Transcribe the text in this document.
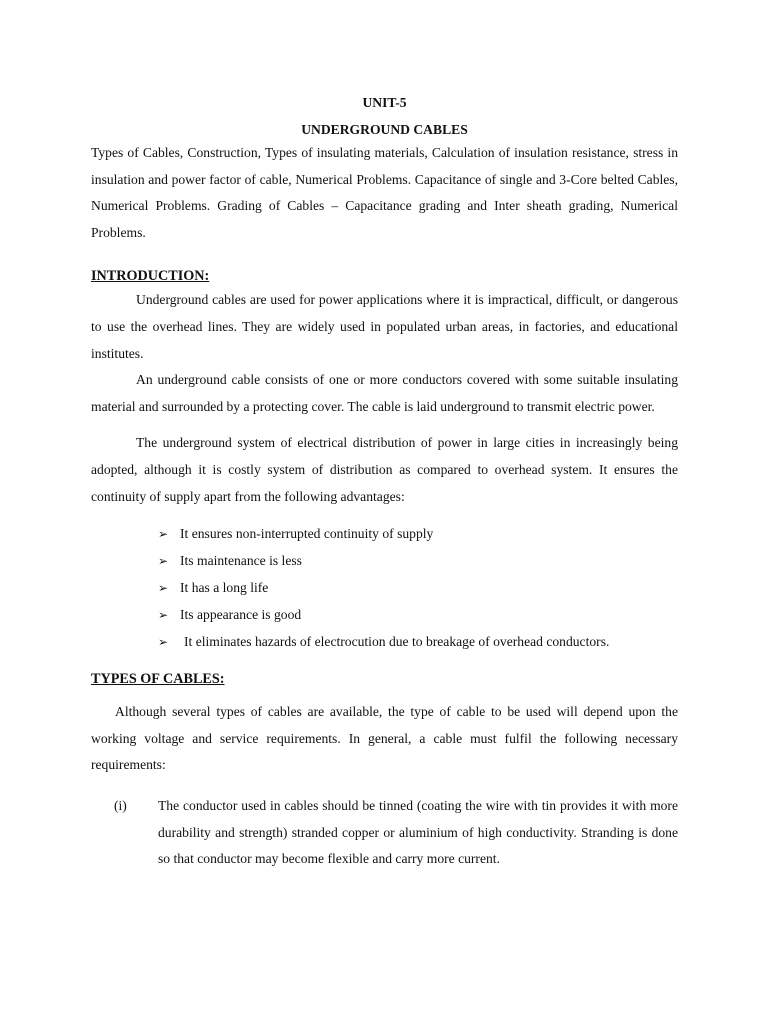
UNIT-5
UNDERGROUND CABLES

Types of Cables, Construction, Types of insulating materials, Calculation of insulation resistance, stress in insulation and power factor of cable, Numerical Problems. Capacitance of single and 3-Core belted Cables, Numerical Problems. Grading of Cables – Capacitance grading and Inter sheath grading, Numerical Problems.

INTRODUCTION:

Underground cables are used for power applications where it is impractical, difficult, or dangerous to use the overhead lines. They are widely used in populated urban areas, in factories, and educational institutes.

An underground cable consists of one or more conductors covered with some suitable insulating material and surrounded by a protecting cover. The cable is laid underground to transmit electric power.

The underground system of electrical distribution of power in large cities in increasingly being adopted, although it is costly system of distribution as compared to overhead system. It ensures the continuity of supply apart from the following advantages:

➢ It ensures non-interrupted continuity of supply
➢ Its maintenance is less
➢ It has a long life
➢ Its appearance is good
➢ It eliminates hazards of electrocution due to breakage of overhead conductors.
TYPES OF CABLES:

Although several types of cables are available, the type of cable to be used will depend upon the working voltage and service requirements. In general, a cable must fulfil the following necessary requirements:

(i)	The conductor used in cables should be tinned (coating the wire with tin provides it with more durability and strength) stranded copper or aluminium of high conductivity. Stranding is done so that conductor may become flexible and carry more current.
